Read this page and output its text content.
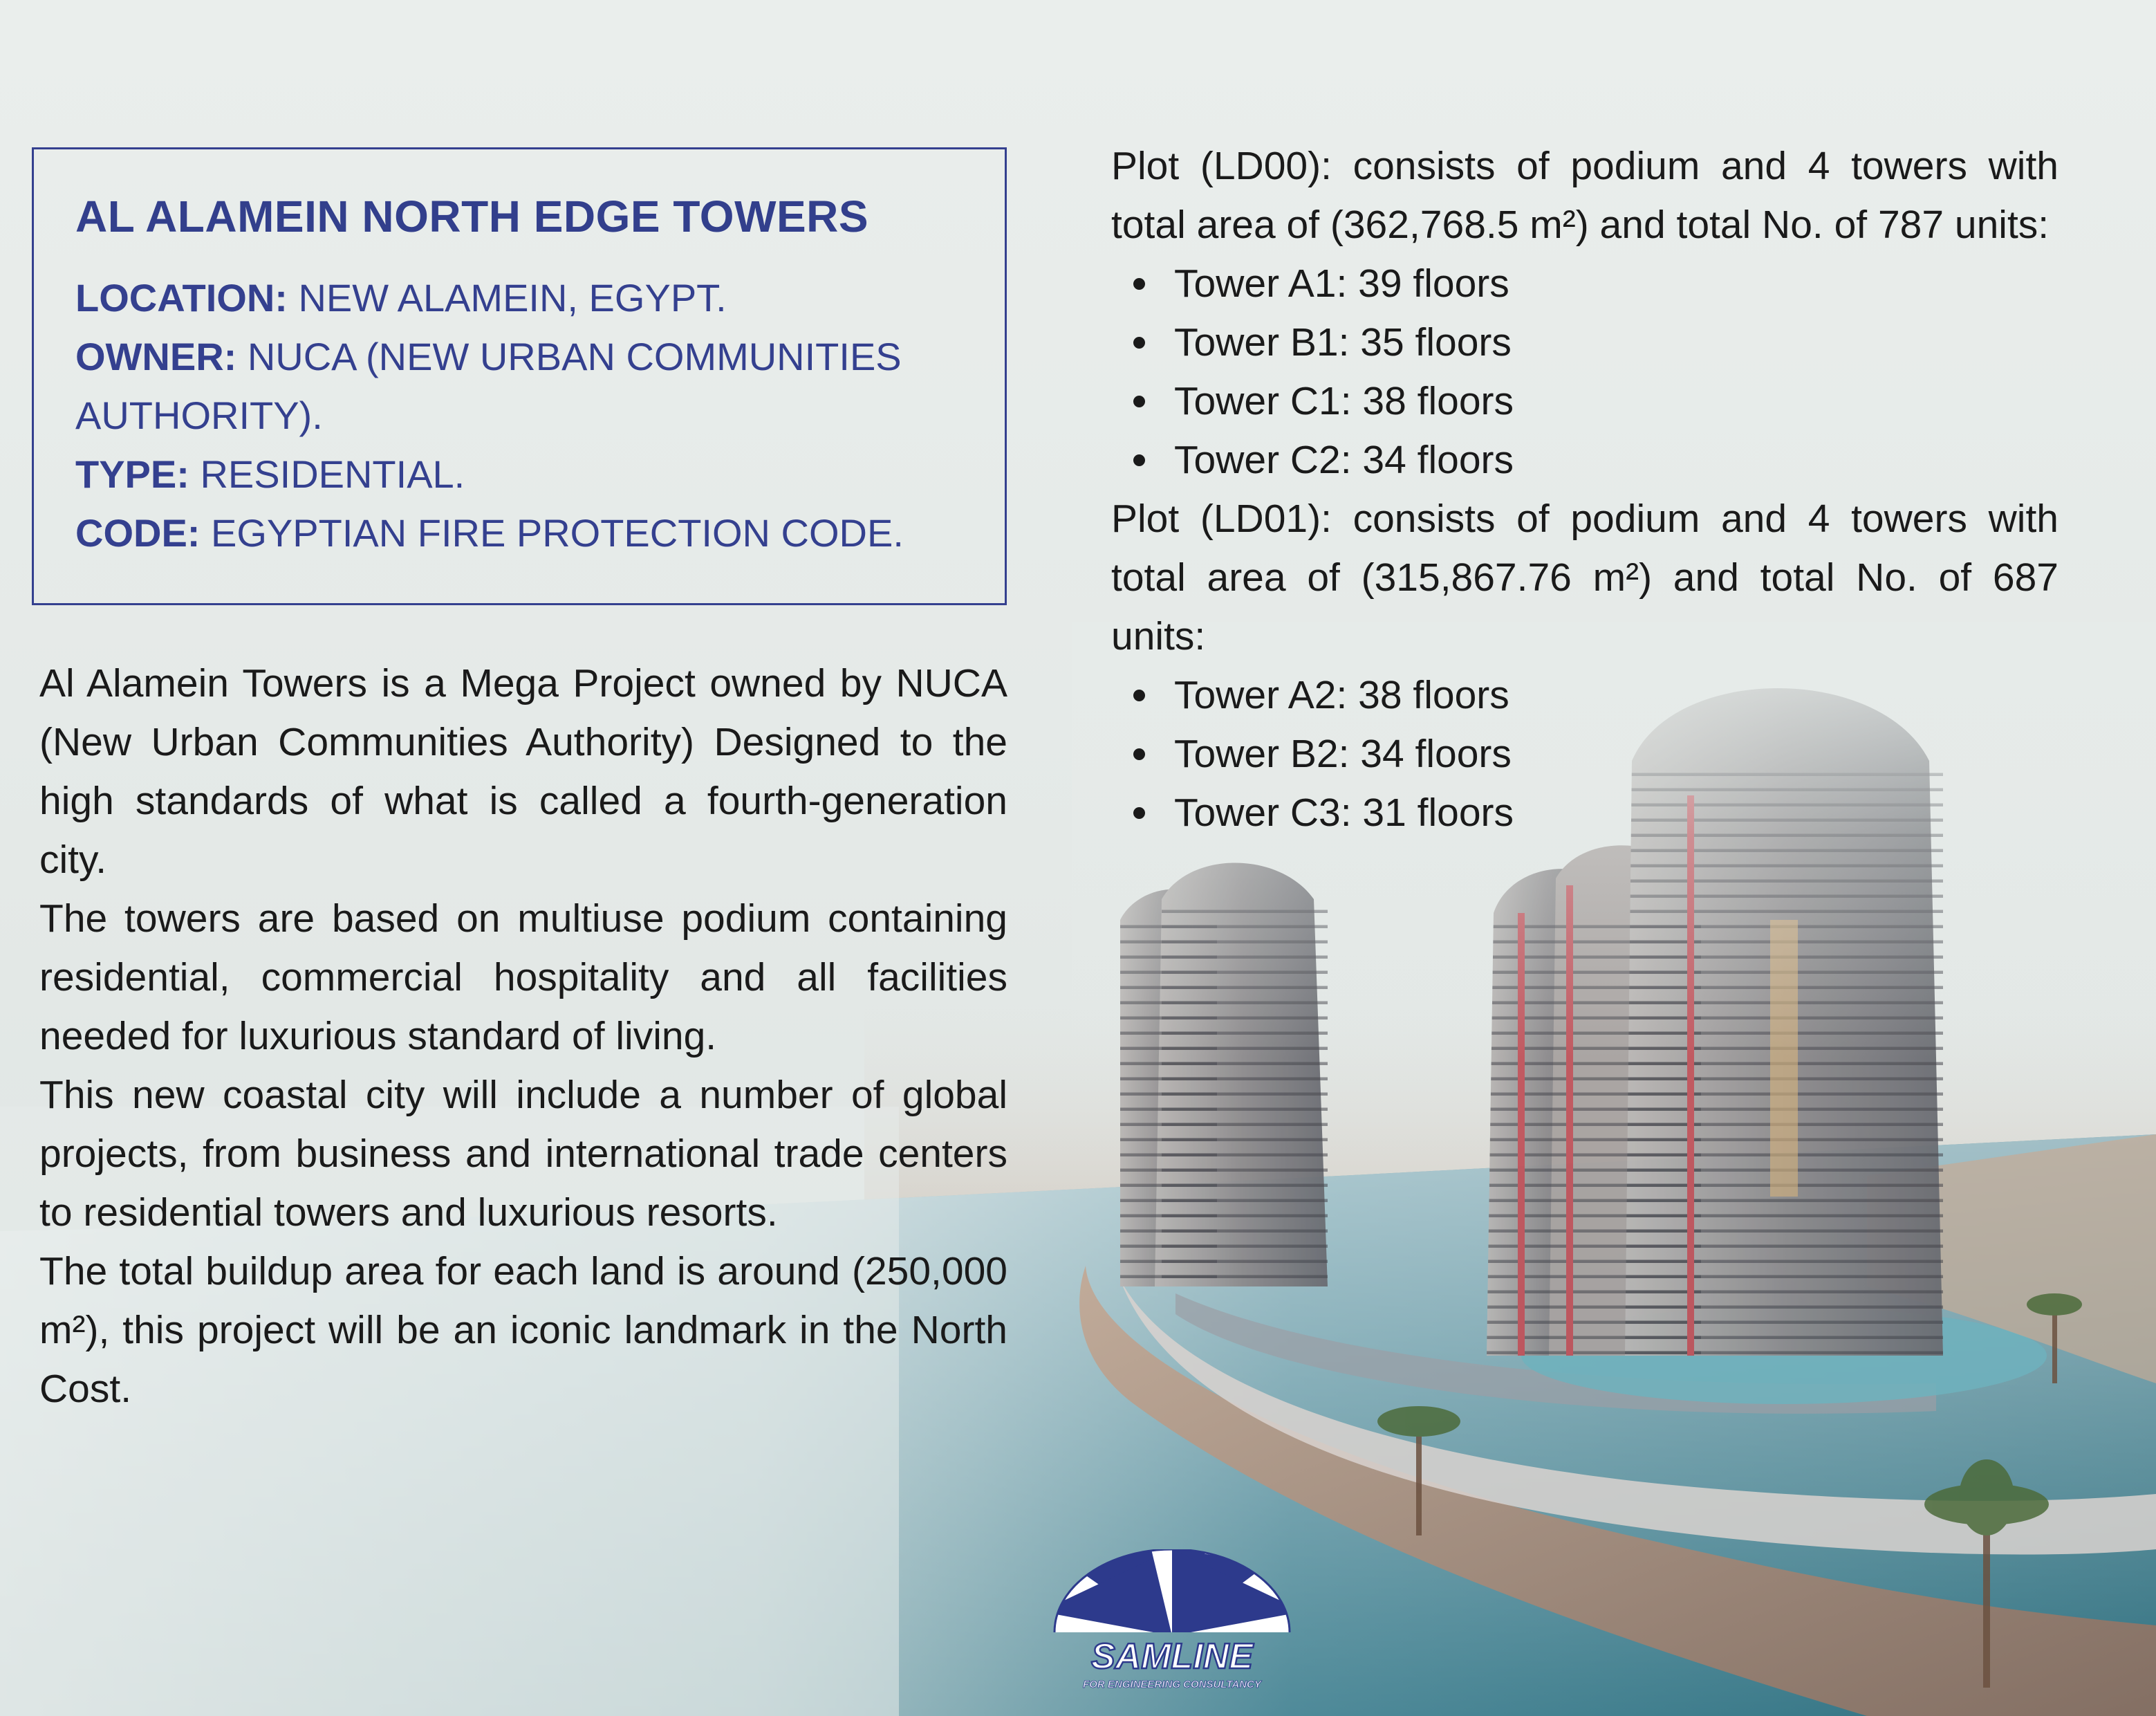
AL ALAMEIN NORTH EDGE TOWERS

LOCATION: NEW ALAMEIN, EGYPT.

OWNER: NUCA (NEW URBAN COMMUNITIES

AUTHORITY).

TYPE: RESIDENTIAL.

CODE: EGYPTIAN FIRE PROTECTION CODE.

Al Alamein Towers is a Mega Project owned by NUCA (New Urban Communities Authority) Designed to the high standards of what is called a fourth-generation city.

The towers are based on multiuse podium containing residential, commercial hospitality and all facilities needed for luxurious standard of living.

This new coastal city will include a number of global projects, from business and international trade centers to residential towers and luxurious resorts.

The total buildup area for each land is around (250,000 m²), this project will be an iconic landmark in the North Cost.

Plot (LD00): consists of podium and 4 towers with total area of (362,768.5 m²) and total No. of 787 units:

Tower A1: 39 floors
Tower B1: 35 floors
Tower C1: 38 floors
Tower C2: 34 floors

Plot (LD01): consists of podium and 4 towers with total area of (315,867.76 m²) and total No. of 687 units:

Tower A2: 38 floors
Tower B2: 34 floors
Tower C3: 31 floors
SAMLINE
FOR ENGINEERING CONSULTANCY
